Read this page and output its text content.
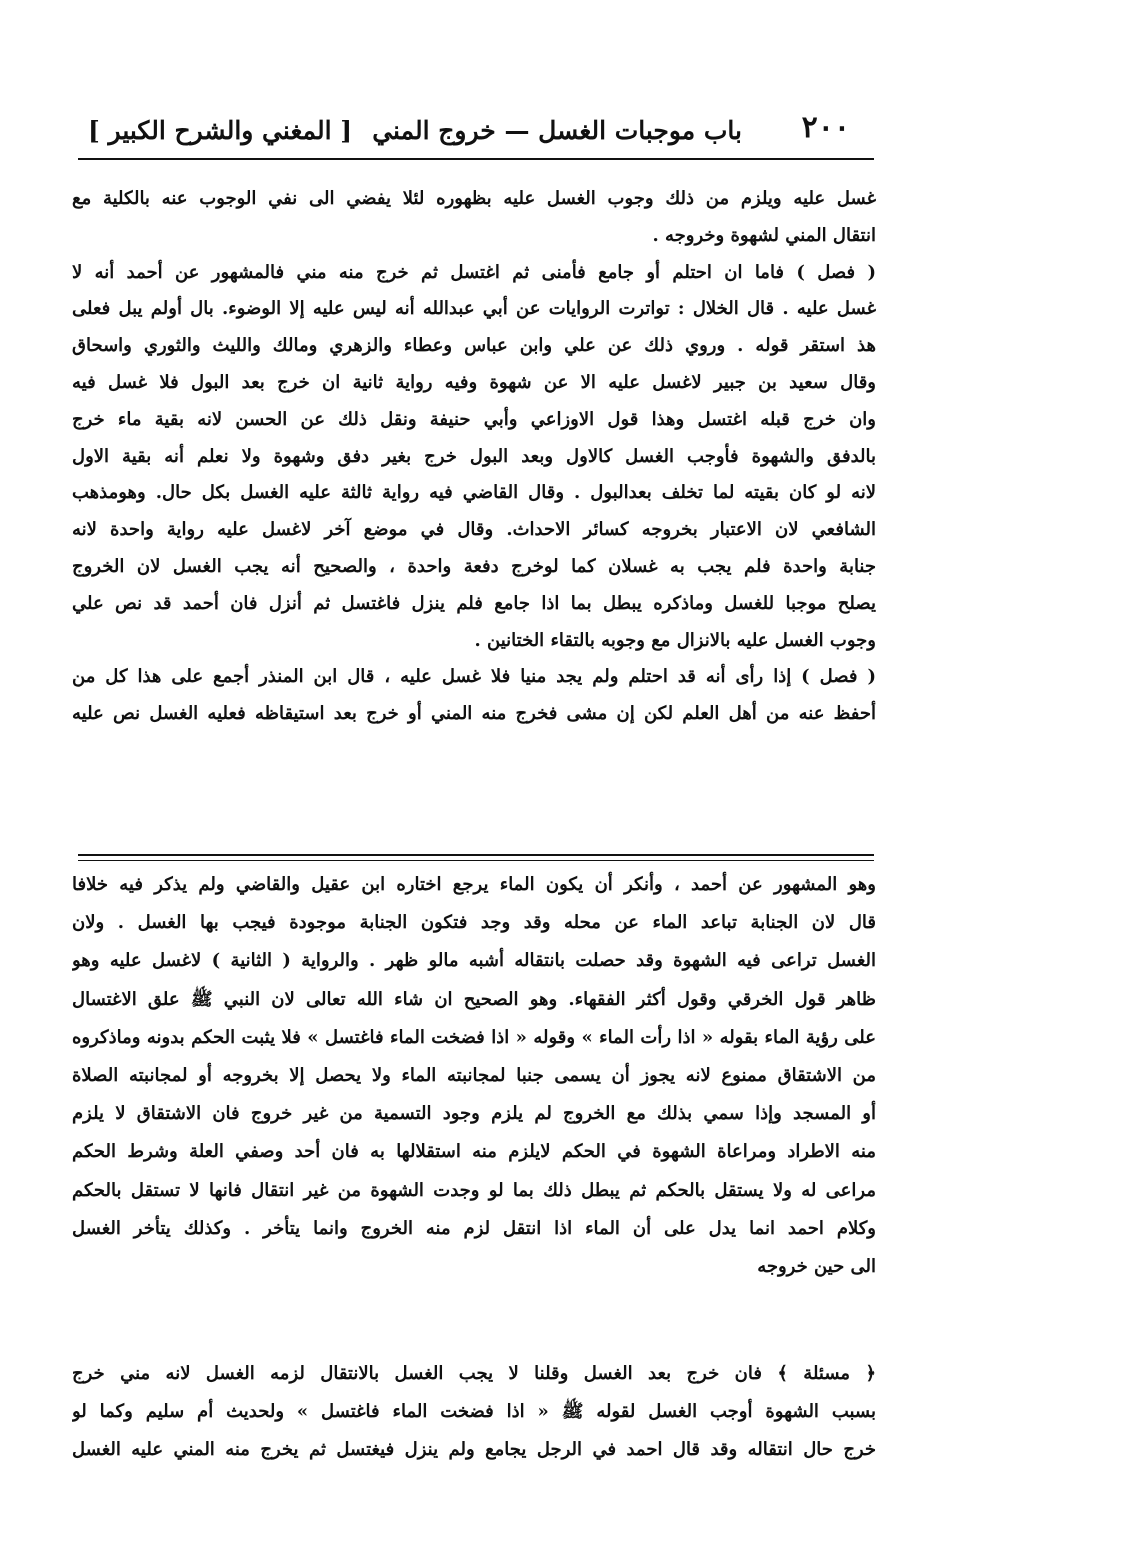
٢٠٠
باب موجبات الغسل — خروج المني
[ المغني والشرح الكبير ]
غسل عليه ويلزم من ذلك وجوب الغسل عليه بظهوره لئلا يفضي الى نفي الوجوب عنه بالكلية مع
انتقال المني لشهوة وخروجه .
( فصل ) فاما ان احتلم أو جامع فأمنى ثم اغتسل ثم خرج منه مني فالمشهور عن أحمد أنه لا
غسل عليه . قال الخلال : تواترت الروايات عن أبي عبدالله أنه ليس عليه إلا الوضوء. بال أولم يبل فعلى
هذ استقر قوله . وروي ذلك عن علي وابن عباس وعطاء والزهري ومالك والليث والثوري واسحاق
وقال سعيد بن جبير لاغسل عليه الا عن شهوة وفيه رواية ثانية ان خرج بعد البول فلا غسل فيه
وان خرج قبله اغتسل وهذا قول الاوزاعي وأبي حنيفة ونقل ذلك عن الحسن لانه بقية ماء خرج
بالدفق والشهوة فأوجب الغسل كالاول وبعد البول خرج بغير دفق وشهوة ولا نعلم أنه بقية الاول
لانه لو كان بقيته لما تخلف بعدالبول . وقال القاضي فيه رواية ثالثة عليه الغسل بكل حال. وهومذهب
الشافعي لان الاعتبار بخروجه كسائر الاحداث. وقال في موضع آخر لاغسل عليه رواية واحدة لانه
جنابة واحدة فلم يجب به غسلان كما لوخرج دفعة واحدة ، والصحيح أنه يجب الغسل لان الخروج
يصلح موجبا للغسل وماذكره يبطل بما اذا جامع فلم ينزل فاغتسل ثم أنزل فان أحمد قد نص علي
وجوب الغسل عليه بالانزال مع وجوبه بالتقاء الختانين .
( فصل ) إذا رأى أنه قد احتلم ولم يجد منيا فلا غسل عليه ، قال ابن المنذر أجمع على هذا كل من
أحفظ عنه من أهل العلم لكن إن مشى فخرج منه المني أو خرج بعد استيقاظه فعليه الغسل نص عليه
وهو المشهور عن أحمد ، وأنكر أن يكون الماء يرجع اختاره ابن عقيل والقاضي ولم يذكر فيه خلافا
قال لان الجنابة تباعد الماء عن محله وقد وجد فتكون الجنابة موجودة فيجب بها الغسل . ولان
الغسل تراعى فيه الشهوة وقد حصلت بانتقاله أشبه مالو ظهر . والرواية ( الثانية ) لاغسل عليه وهو
ظاهر قول الخرقي وقول أكثر الفقهاء. وهو الصحيح ان شاء الله تعالى لان النبي ﷺ علق الاغتسال
على رؤية الماء بقوله « اذا رأت الماء » وقوله « اذا فضخت الماء فاغتسل » فلا يثبت الحكم بدونه وماذكروه
من الاشتقاق ممنوع لانه يجوز أن يسمى جنبا لمجانبته الماء ولا يحصل إلا بخروجه أو لمجانبته الصلاة
أو المسجد وإذا سمي بذلك مع الخروج لم يلزم وجود التسمية من غير خروج فان الاشتقاق لا يلزم
منه الاطراد ومراعاة الشهوة في الحكم لايلزم منه استقلالها به فان أحد وصفي العلة وشرط الحكم
مراعى له ولا يستقل بالحكم ثم يبطل ذلك بما لو وجدت الشهوة من غير انتقال فانها لا تستقل بالحكم
وكلام احمد انما يدل على أن الماء اذا انتقل لزم منه الخروج وانما يتأخر . وكذلك يتأخر الغسل
الى حين خروجه
﴿ مسئلة ﴾ فان خرج بعد الغسل وقلنا لا يجب الغسل بالانتقال لزمه الغسل لانه مني خرج
بسبب الشهوة أوجب الغسل لقوله ﷺ « اذا فضخت الماء فاغتسل » ولحديث أم سليم وكما لو
خرج حال انتقاله وقد قال احمد في الرجل يجامع ولم ينزل فيغتسل ثم يخرج منه المني عليه الغسل
